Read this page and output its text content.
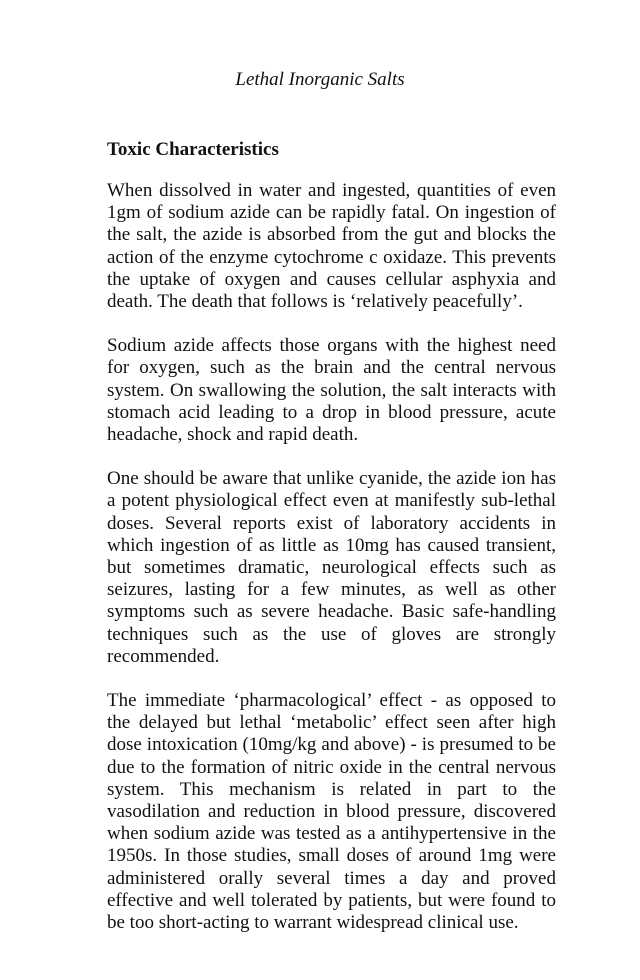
Lethal Inorganic Salts
Toxic Characteristics

When dissolved in water and ingested, quantities of even 1gm of sodium azide can be rapidly fatal. On ingestion of the salt, the azide is absorbed from the gut and blocks the action of the enzyme cytochrome c oxidaze. This prevents the uptake of oxygen and causes cellular asphyxia and death. The death that follows is ‘relatively peacefully’.

Sodium azide affects those organs with the highest need for oxygen, such as the brain and the central nervous system. On swallowing the solution, the salt interacts with stomach acid leading to a drop in blood pressure, acute headache, shock and rapid death.

One should be aware that unlike cyanide, the azide ion has a potent physiological effect even at manifestly sub-lethal doses. Several reports exist of laboratory accidents in which ingestion of as little as 10mg has caused transient, but sometimes dramatic, neurological effects such as seizures, lasting for a few minutes, as well as other symptoms such as severe headache. Basic safe-handling techniques such as the use of gloves are strongly recommended.

The immediate ‘pharmacological’ effect - as opposed to the delayed but lethal ‘metabolic’ effect seen after high dose intoxication (10mg/kg and above) - is presumed to be due to the formation of nitric oxide in the central nervous system. This mechanism is related in part to the vasodilation and reduction in blood pressure, discovered when sodium azide was tested as a antihypertensive in the 1950s. In those studies, small doses of around 1mg were administered orally several times a day and proved effective and well tolerated by patients, but were found to be too short-acting to warrant widespread clinical use.
